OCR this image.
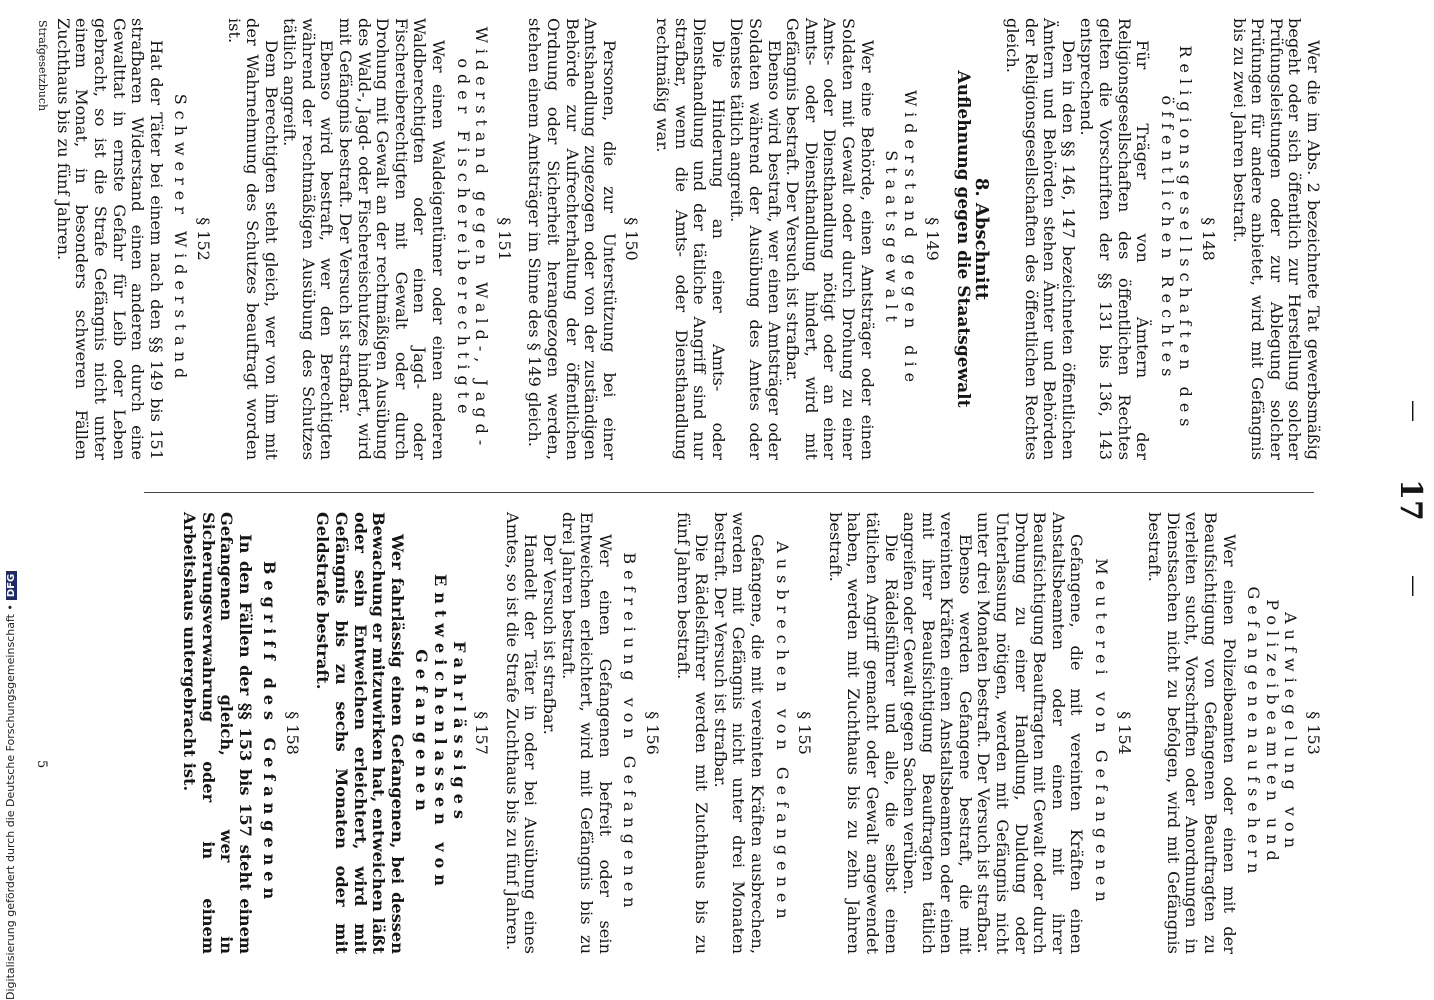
—
17
—

Wer die im Abs. 2 bezeichnete Tat gewerbsmäßig begeht oder sich öffentlich zur Herstellung solcher Prüfungsleistungen oder zur Ablegung solcher Prüfungen für andere anbietet, wird mit Gefängnis bis zu zwei Jahren bestraft.

§ 148
Religionsgesellschaften des öffentlichen Rechtes

Für Träger von Ämtern der Religionsgesellschaften des öffentlichen Rechtes gelten die Vorschriften der §§ 131 bis 136, 143 entsprechend.

Den in den §§ 146, 147 bezeichneten öffentlichen Ämtern und Behörden stehen Ämter und Behörden der Religionsgesellschaften des öffentlichen Rechtes gleich.

8. Abschnitt
Auflehnung gegen die Staatsgewalt
§ 149
Widerstand gegen die Staatsgewalt

Wer eine Behörde, einen Amtsträger oder einen Soldaten mit Gewalt oder durch Drohung zu einer Amts- oder Diensthandlung nötigt oder an einer Amts- oder Diensthandlung hindert, wird mit Gefängnis bestraft. Der Versuch ist strafbar.

Ebenso wird bestraft, wer einen Amtsträger oder Soldaten während der Ausübung des Amtes oder Dienstes tätlich angreift.

Die Hinderung an einer Amts- oder Diensthandlung und der tätliche Angriff sind nur strafbar, wenn die Amts- oder Diensthandlung rechtmäßig war.

§ 150

Personen, die zur Unterstützung bei einer Amtshandlung zugezogen oder von der zuständigen Behörde zur Aufrechterhaltung der öffentlichen Ordnung oder Sicherheit herangezogen werden, stehen einem Amtsträger im Sinne des § 149 gleich.

§ 151
Widerstand gegen Wald-, Jagd- oder Fischereiberechtigte

Wer einen Waldeigentümer oder einen anderen Waldberechtigten oder einen Jagd- oder Fischereiberechtigten mit Gewalt oder durch Drohung mit Gewalt an der rechtmäßigen Ausübung des Wald-, Jagd- oder Fischereischutzes hindert, wird mit Gefängnis bestraft. Der Versuch ist strafbar.

Ebenso wird bestraft, wer den Berechtigten während der rechtmäßigen Ausübung des Schutzes tätlich angreift.

Dem Berechtigten steht gleich, wer von ihm mit der Wahrnehmung des Schutzes beauftragt worden ist.

§ 152
Schwerer Widerstand

Hat der Täter bei einem nach den §§ 149 bis 151 strafbaren Widerstand einen anderen durch eine Gewalttat in ernste Gefahr für Leib oder Leben gebracht, so ist die Strafe Gefängnis nicht unter einem Monat, in besonders schweren Fällen Zuchthaus bis zu fünf Jahren.

§ 153
Aufwiegelung von Polizeibeamten und Gefangenenaufsehern

Wer einen Polizeibeamten oder einen mit der Beaufsichtigung von Gefangenen Beauftragten zu verleiten sucht, Vorschriften oder Anordnungen in Dienstsachen nicht zu befolgen, wird mit Gefängnis bestraft.

§ 154
Meuterei von Gefangenen

Gefangene, die mit vereinten Kräften einen Anstaltsbeamten oder einen mit ihrer Beaufsichtigung Beauftragten mit Gewalt oder durch Drohung zu einer Handlung, Duldung oder Unterlassung nötigen, werden mit Gefängnis nicht unter drei Monaten bestraft. Der Versuch ist strafbar.

Ebenso werden Gefangene bestraft, die mit vereinten Kräften einen Anstaltsbeamten oder einen mit ihrer Beaufsichtigung Beauftragten tätlich angreifen oder Gewalt gegen Sachen verüben.

Die Rädelsführer und alle, die selbst einen tätlichen Angriff gemacht oder Gewalt angewendet haben, werden mit Zuchthaus bis zu zehn Jahren bestraft.

§ 155
Ausbrechen von Gefangenen

Gefangene, die mit vereinten Kräften ausbrechen, werden mit Gefängnis nicht unter drei Monaten bestraft. Der Versuch ist strafbar.

Die Rädelsführer werden mit Zuchthaus bis zu fünf Jahren bestraft.

§ 156
Befreiung von Gefangenen

Wer einen Gefangenen befreit oder sein Entweichen erleichtert, wird mit Gefängnis bis zu drei Jahren bestraft.

Der Versuch ist strafbar.

Handelt der Täter in oder bei Ausübung eines Amtes, so ist die Strafe Zuchthaus bis zu fünf Jahren.

§ 157
Fahrlässiges Entweichenlassen von Gefangenen

Wer fahrlässig einen Gefangenen, bei dessen Bewachung er mitzuwirken hat, entweichen läßt oder sein Entweichen erleichtert, wird mit Gefängnis bis zu sechs Monaten oder mit Geldstrafe bestraft.

§ 158
Begriff des Gefangenen

In den Fällen der §§ 153 bis 157 steht einem Gefangenen gleich, wer in Sicherungsverwahrung oder in einem Arbeitshaus untergebracht ist.

Strafgesetzbuch
5
Digitalisierung gefördert durch die Deutsche Forschungsgemeinschaft •DFG
